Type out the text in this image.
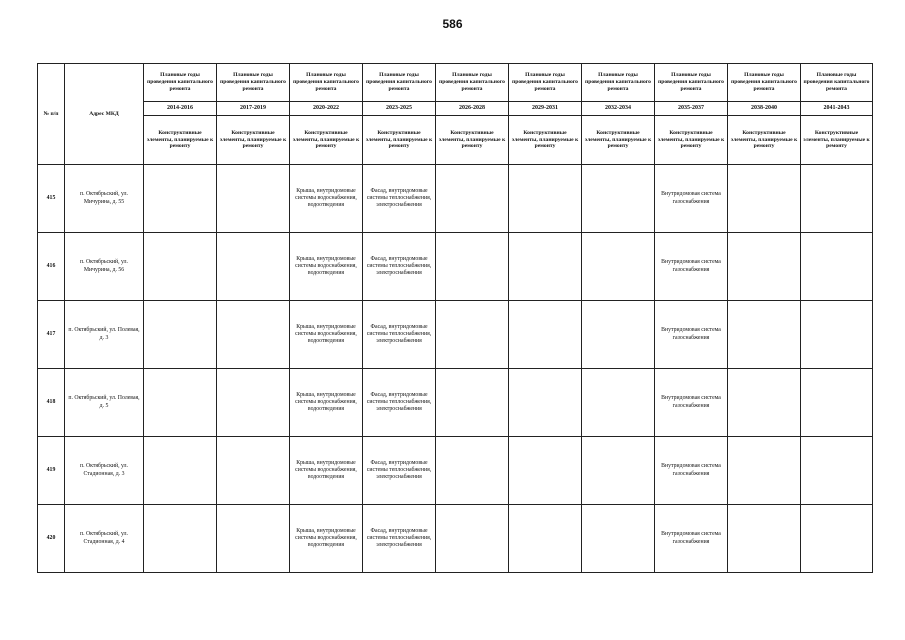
586
№ п/п	Адрес МКД	Плановые годы проведения капитального ремонта	Плановые годы проведения капитального ремонта	Плановые годы проведения капитального ремонта	Плановые годы проведения капитального ремонта	Плановые годы проведения капитального ремонта	Плановые годы проведения капитального ремонта	Плановые годы проведения капитального ремонта	Плановые годы проведения капитального ремонта	Плановые годы проведения капитального ремонта	Плановые годы проведения капитального ремонта
		2014-2016	2017-2019	2020-2022	2023-2025	2026-2028	2029-2031	2032-2034	2035-2037	2038-2040	2041-2043
		Конструктивные элементы, планируемые к ремонту	Конструктивные элементы, планируемые к ремонту	Конструктивные элементы, планируемые к ремонту	Конструктивные элементы, планируемые к ремонту	Конструктивные элементы, планируемые к ремонту	Конструктивные элементы, планируемые к ремонту	Конструктивные элементы, планируемые к ремонту	Конструктивные элементы, планируемые к ремонту	Конструктивные элементы, планируемые к ремонту	Конструктивные элементы, планируемые к ремонту
415	п. Октябрьский, ул. Мичурина, д. 55			Крыша, внутридомовые системы водоснабжения, водоотведения	Фасад, внутридомовые системы теплоснабжения, электроснабжения				Внутридомовая система газоснабжения		
416	п. Октябрьский, ул. Мичурина, д. 56			Крыша, внутридомовые системы водоснабжения, водоотведения	Фасад, внутридомовые системы теплоснабжения, электроснабжения				Внутридомовая система газоснабжения		
417	п. Октябрьский, ул. Полевая, д. 3			Крыша, внутридомовые системы водоснабжения, водоотведения	Фасад, внутридомовые системы теплоснабжения, электроснабжения				Внутридомовая система газоснабжения		
418	п. Октябрьский, ул. Полевая, д. 5			Крыша, внутридомовые системы водоснабжения, водоотведения	Фасад, внутридомовые системы теплоснабжения, электроснабжения				Внутридомовая система газоснабжения		
419	п. Октябрьский, ул. Стадионная, д. 3			Крыша, внутридомовые системы водоснабжения, водоотведения	Фасад, внутридомовые системы теплоснабжения, электроснабжения				Внутридомовая система газоснабжения		
420	п. Октябрьский, ул. Стадионная, д. 4			Крыша, внутридомовые системы водоснабжения, водоотведения	Фасад, внутридомовые системы теплоснабжения, электроснабжения				Внутридомовая система газоснабжения		
